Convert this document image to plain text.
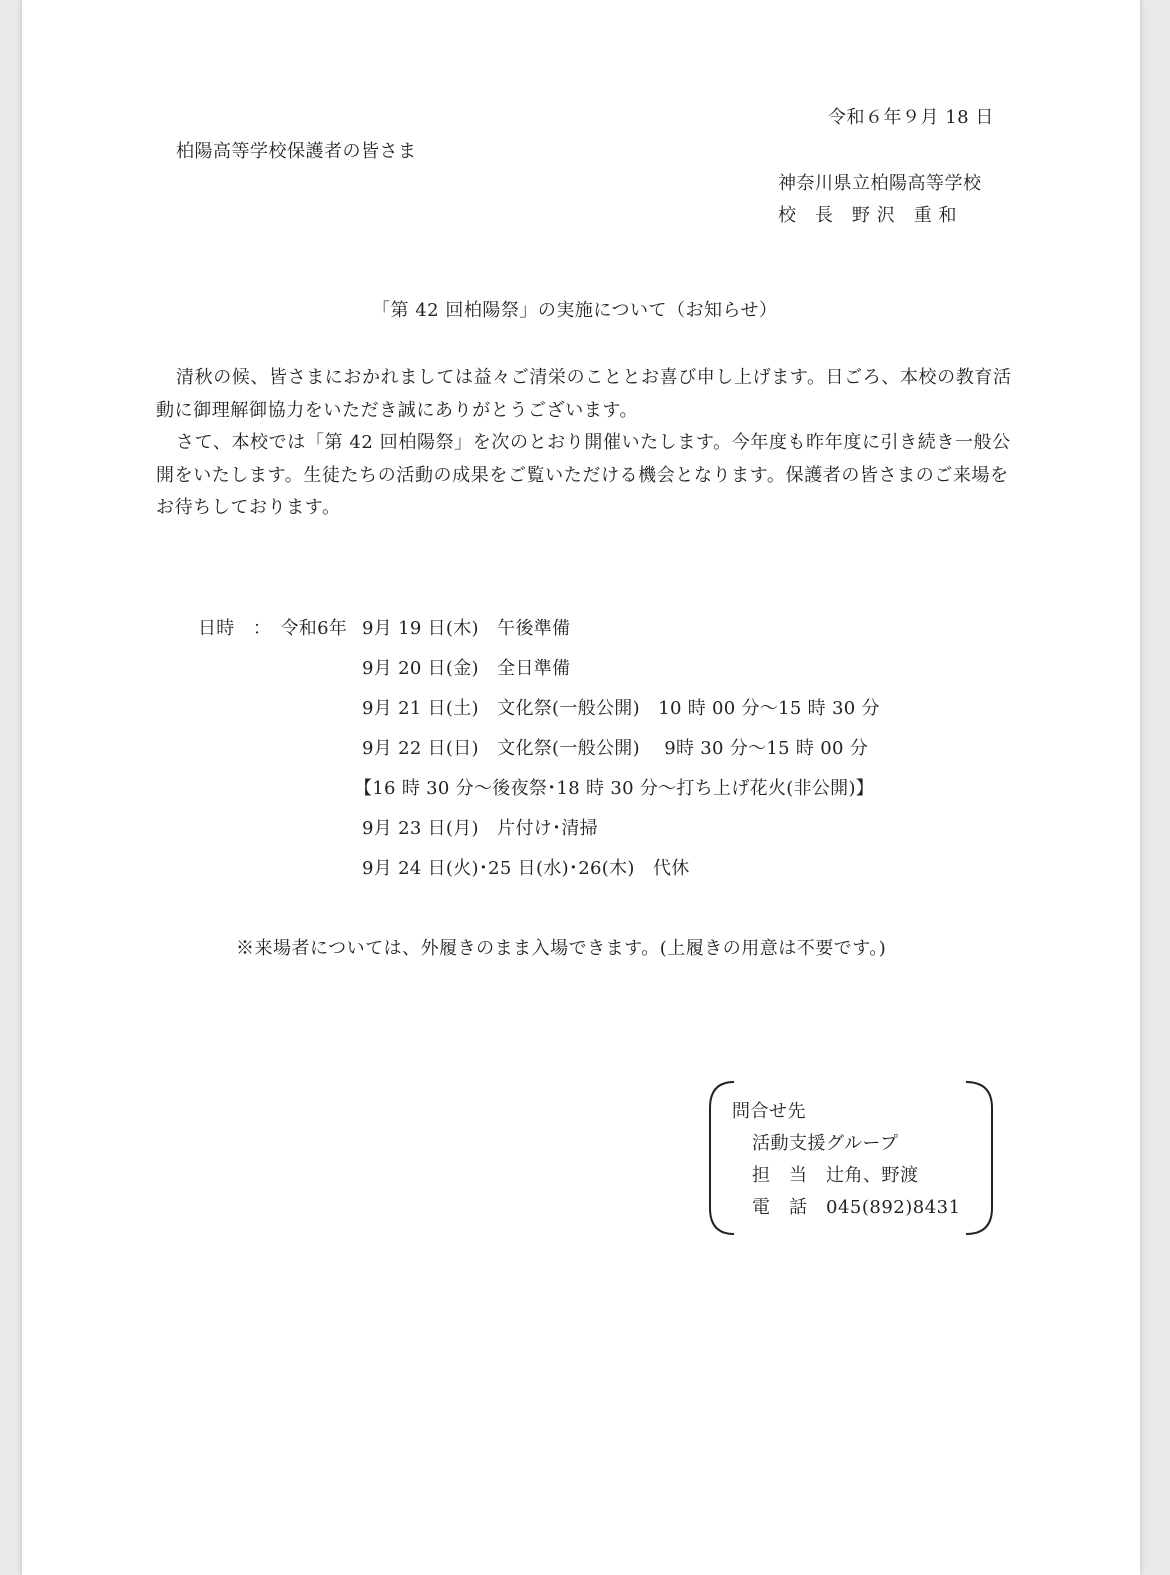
令和６年９月 18 日
柏陽高等学校保護者の皆さま
神奈川県立柏陽高等学校
校　長　野 沢　重 和
「第 42 回柏陽祭」の実施について（お知らせ）

清秋の候、皆さまにおかれましては益々ご清栄のこととお喜び申し上げます。日ごろ、本校の教育活動に御理解御協力をいただき誠にありがとうございます。

さて、本校では「第 42 回柏陽祭」を次のとおり開催いたします。今年度も昨年度に引き続き一般公開をいたします。生徒たちの活動の成果をご覧いただける機会となります。保護者の皆さまのご来場をお待ちしております。

日時　：　令和6年 9月 19 日(木)　午後準備
9月 20 日(金)　全日準備
9月 21 日(土)　文化祭(一般公開)　10 時 00 分～15 時 30 分
9月 22 日(日)　文化祭(一般公開)　 9時 30 分～15 時 00 分
【16 時 30 分～後夜祭･18 時 30 分～打ち上げ花火(非公開)】
9月 23 日(月)　片付け･清掃
9月 24 日(火)･25 日(水)･26(木)　代休
※来場者については、外履きのまま入場できます。(上履きの用意は不要です。)
問合せ先
活動支援グループ
担　当　辻角、野渡
電　話　045(892)8431
